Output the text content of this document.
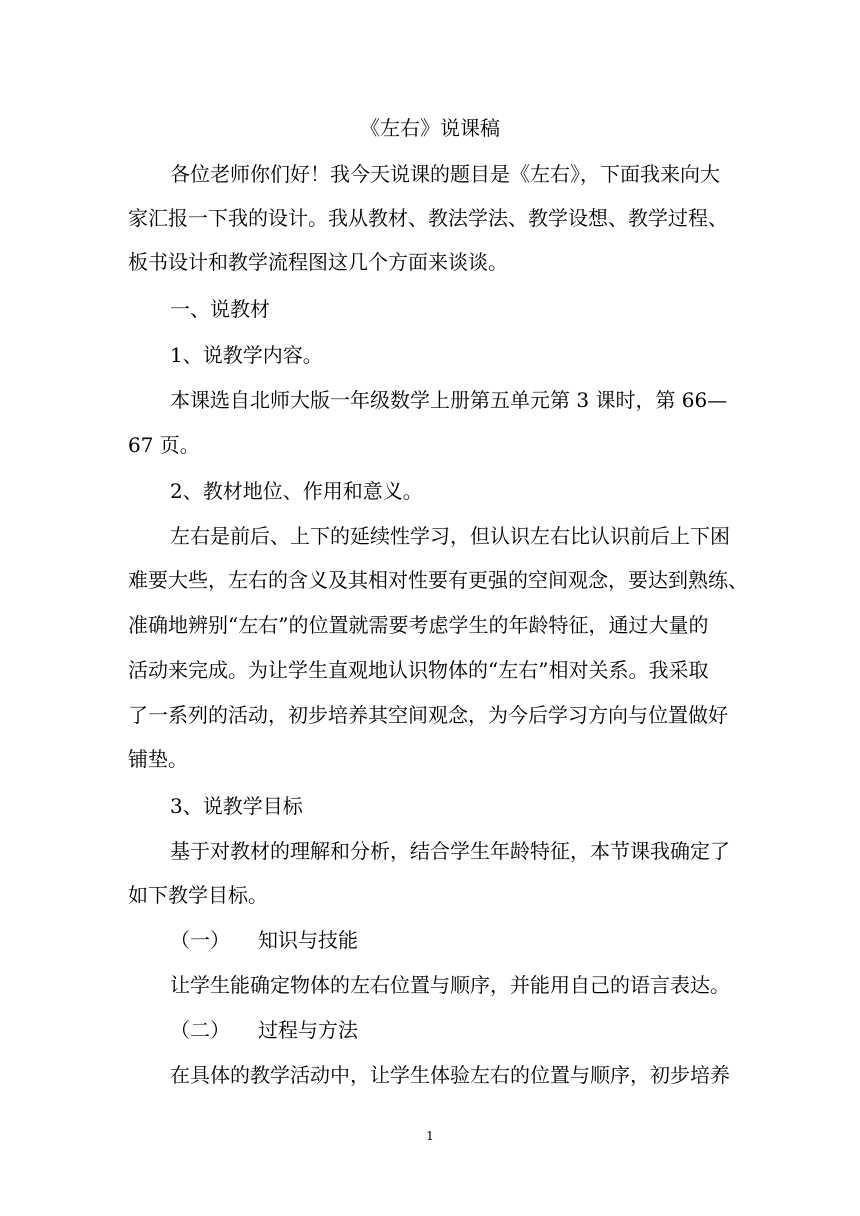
《左右》说课稿
各位老师你们好！我今天说课的题目是《左右》，下面我来向大
家汇报一下我的设计。我从教材、教法学法、教学设想、教学过程、
板书设计和教学流程图这几个方面来谈谈。
一、说教材
1、说教学内容。
本课选自北师大版一年级数学上册第五单元第 3 课时，第 66—
67 页。
2、教材地位、作用和意义。
左右是前后、上下的延续性学习，但认识左右比认识前后上下困
难要大些，左右的含义及其相对性要有更强的空间观念，要达到熟练、
准确地辨别“左右”的位置就需要考虑学生的年龄特征，通过大量的
活动来完成。为让学生直观地认识物体的“左右”相对关系。我采取
了一系列的活动，初步培养其空间观念，为今后学习方向与位置做好
铺垫。
3、说教学目标
基于对教材的理解和分析，结合学生年龄特征，本节课我确定了
如下教学目标。
（一） 知识与技能
让学生能确定物体的左右位置与顺序，并能用自己的语言表达。
（二） 过程与方法
在具体的教学活动中，让学生体验左右的位置与顺序，初步培养
1
